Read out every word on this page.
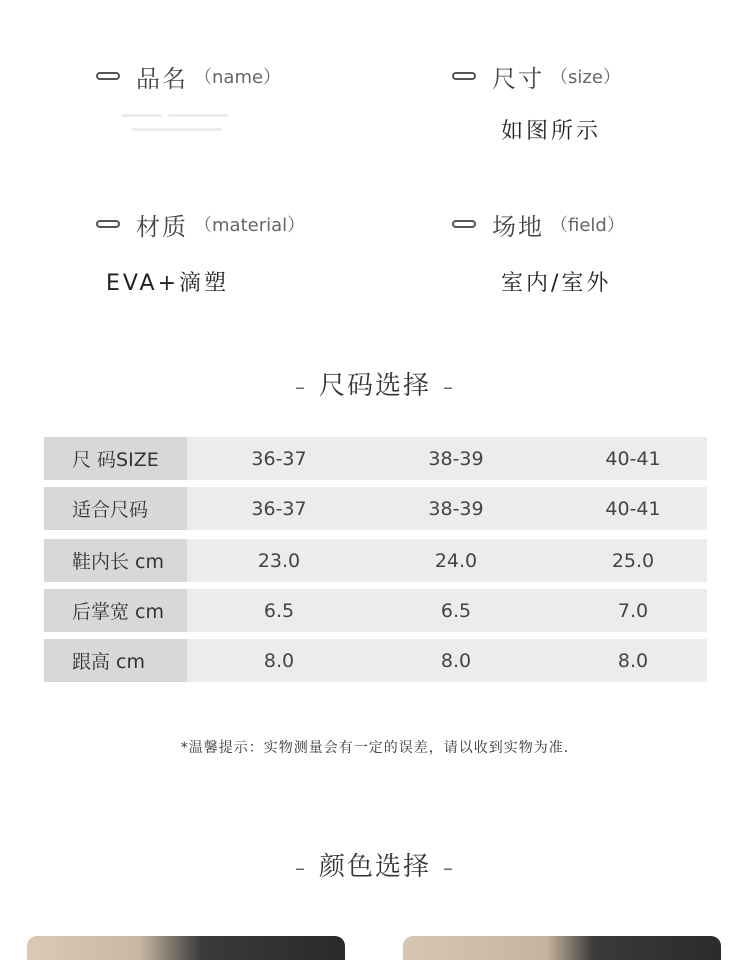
品名 （name）	尺寸 （size）
如图所示
材质 （material）
EVA+滴塑
场地 （field）
室内/室外
– 尺码选择 –
尺 码SIZE	36-37	38-39	40-41
适合尺码	36-37	38-39	40-41
鞋内长 cm	23.0	24.0	25.0
后掌宽 cm	6.5	6.5	7.0
跟高 cm	8.0	8.0	8.0
*温馨提示：实物测量会有一定的误差，请以收到实物为准.
– 颜色选择 –
